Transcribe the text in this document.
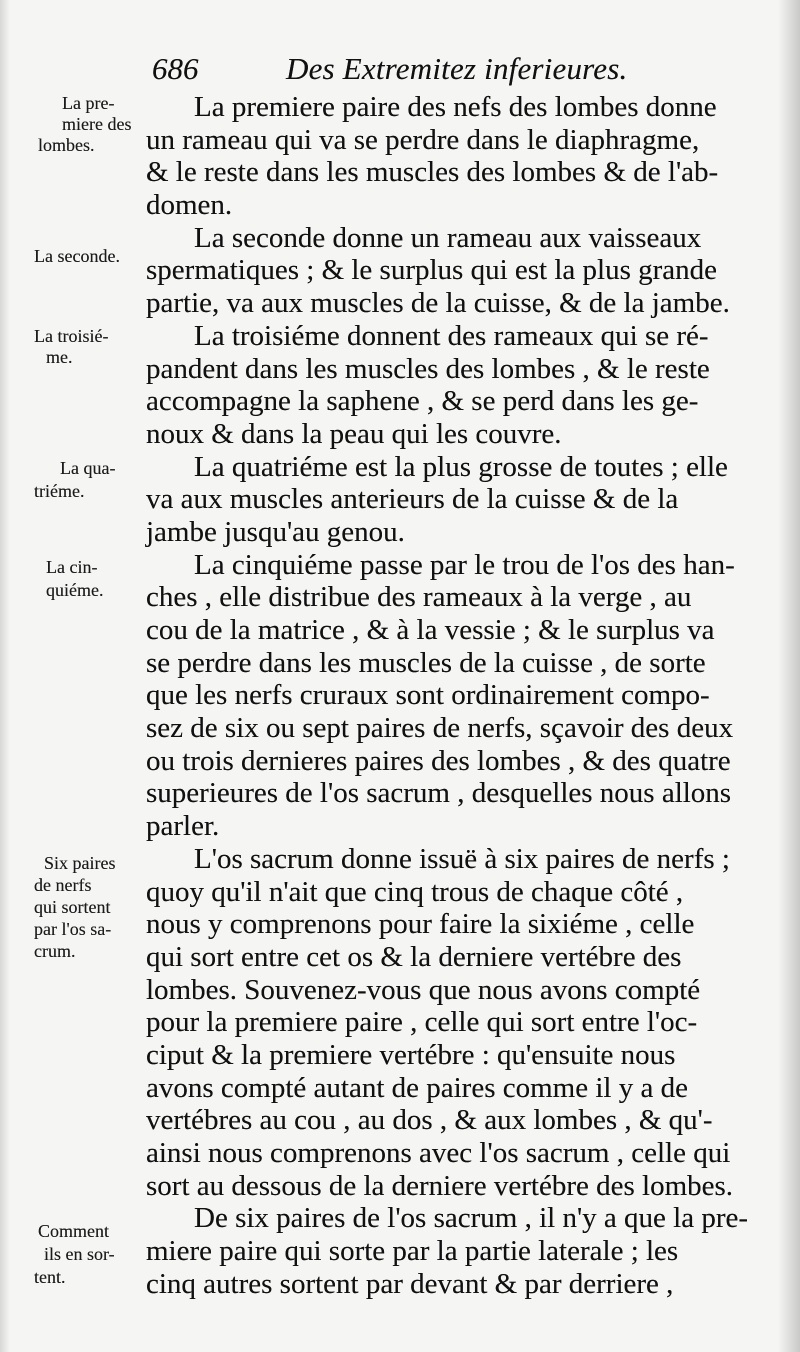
686	Des Extremitez inferieures.
La pre-
miere des
lombes.
La seconde.
La troisié-
me.
La qua-
triéme.
La cin-
quiéme.
Six paires
de nerfs
qui sortent
par l'os sa-
crum.
Comment
ils en sor-
tent.

La premiere paire des nefs des lombes donne
un rameau qui va se perdre dans le diaphragme,
& le reste dans les muscles des lombes & de l'ab-
domen.

La seconde donne un rameau aux vaisseaux
spermatiques ; & le surplus qui est la plus grande
partie, va aux muscles de la cuisse, & de la jambe.

La troisiéme donnent des rameaux qui se ré-
pandent dans les muscles des lombes , & le reste
accompagne la saphene , & se perd dans les ge-
noux & dans la peau qui les couvre.

La quatriéme est la plus grosse de toutes ; elle
va aux muscles anterieurs de la cuisse & de la
jambe jusqu'au genou.

La cinquiéme passe par le trou de l'os des han-
ches , elle distribue des rameaux à la verge , au
cou de la matrice , & à la vessie ; & le surplus va
se perdre dans les muscles de la cuisse , de sorte
que les nerfs cruraux sont ordinairement compo-
sez de six ou sept paires de nerfs, sçavoir des deux
ou trois dernieres paires des lombes , & des quatre
superieures de l'os sacrum , desquelles nous allons
parler.

L'os sacrum donne issuë à six paires de nerfs ;
quoy qu'il n'ait que cinq trous de chaque côté ,
nous y comprenons pour faire la sixiéme , celle
qui sort entre cet os & la derniere vertébre des
lombes. Souvenez-vous que nous avons compté
pour la premiere paire , celle qui sort entre l'oc-
ciput & la premiere vertébre : qu'ensuite nous
avons compté autant de paires comme il y a de
vertébres au cou , au dos , & aux lombes , & qu'-
ainsi nous comprenons avec l'os sacrum , celle qui
sort au dessous de la derniere vertébre des lombes.

De six paires de l'os sacrum , il n'y a que la pre-
miere paire qui sorte par la partie laterale ; les
cinq autres sortent par devant & par derriere ,
